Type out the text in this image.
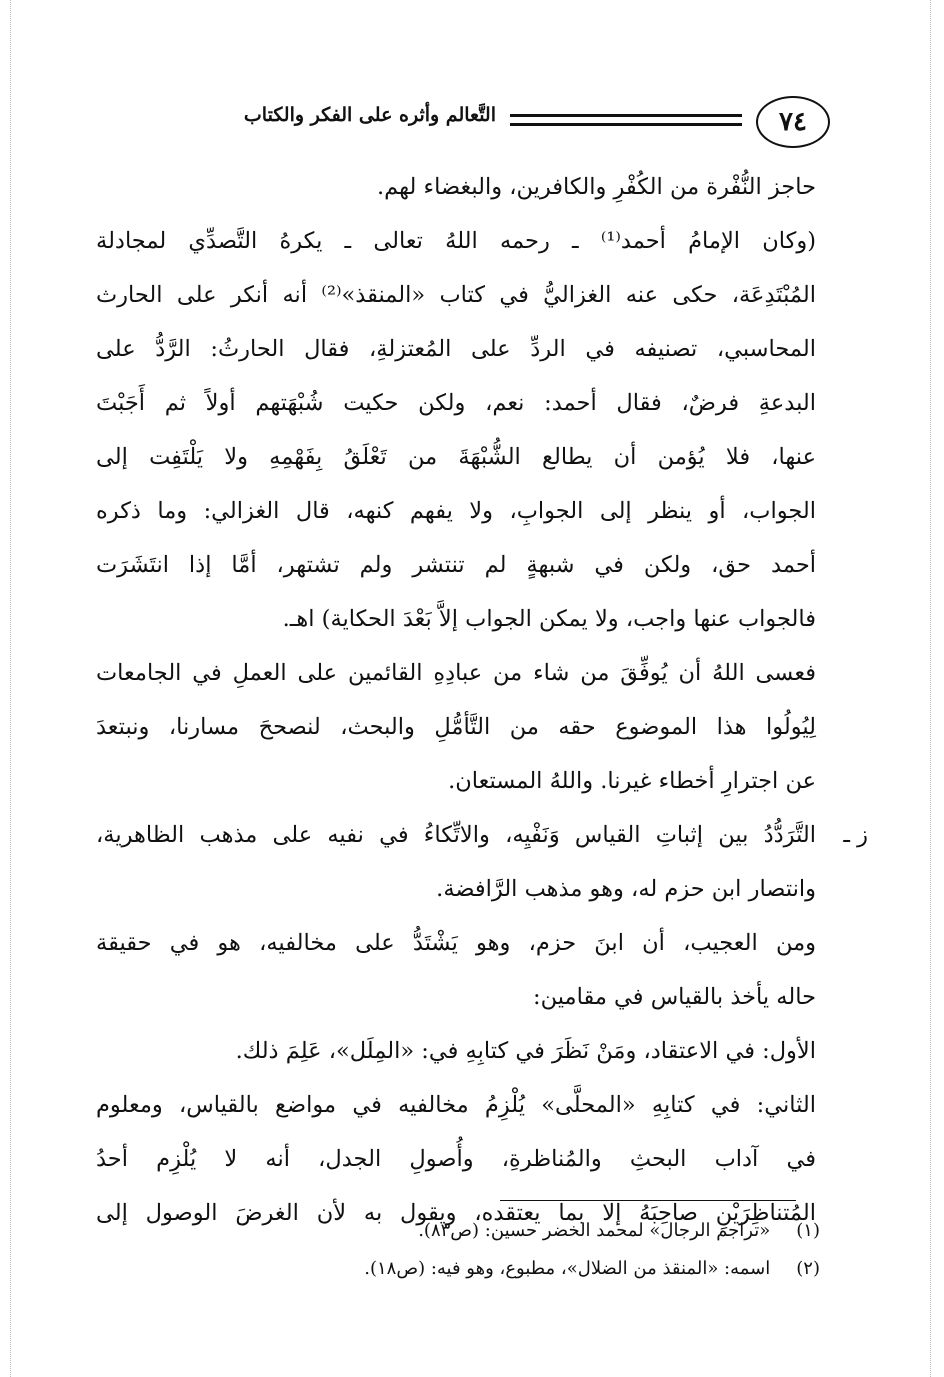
٧٤
التَّعالم وأثره على الفكر والكتاب
حاجز النُّفْرة من الكُفْرِ والكافرين، والبغضاء لهم.
(وكان الإمامُ أحمد⁽¹⁾ ـ رحمه اللهُ تعالى ـ يكرهُ التَّصدِّي لمجادلة
المُبْتَدِعَة، حكى عنه الغزاليُّ في كتاب «المنقذ»⁽²⁾ أنه أنكر على الحارث
المحاسبي، تصنيفه في الردِّ على المُعتزلةِ، فقال الحارثُ: الرَّدُّ على
البدعةِ فرضٌ، فقال أحمد: نعم، ولكن حكيت شُبْهَتهم أولاً ثم أَجَبْتَ
عنها، فلا يُؤمن أن يطالع الشُّبْهَةَ من تَعْلَقُ بِفَهْمِهِ ولا يَلْتَفِت إلى
الجواب، أو ينظر إلى الجوابِ، ولا يفهم كنهه، قال الغزالي: وما ذكره
أحمد حق، ولكن في شبهةٍ لم تنتشر ولم تشتهر، أمَّا إذا انتَشَرَت
فالجواب عنها واجب، ولا يمكن الجواب إلاَّ بَعْدَ الحكاية) اهـ.
فعسى اللهُ أن يُوفِّقَ من شاء من عبادِهِ القائمين على العملِ في الجامعات
لِيُولُوا هذا الموضوع حقه من التَّأمُّلِ والبحث، لنصححَ مسارنا، ونبتعدَ
عن اجترارِ أخطاء غيرنا. واللهُ المستعان.
ز ـ
التَّرَدُّدُ بين إثباتِ القياس وَنَفْيِه، والاتِّكاءُ في نفيه على مذهب الظاهرية،
وانتصار ابن حزم له، وهو مذهب الرَّافضة.
ومن العجيب، أن ابنَ حزم، وهو يَشْتَدُّ على مخالفيه، هو في حقيقة
حاله يأخذ بالقياس في مقامين:
الأول: في الاعتقاد، ومَنْ نَظَرَ في كتابِهِ في: «المِلَل»، عَلِمَ ذلك.
الثاني: في كتابِهِ «المحلَّى» يُلْزِمُ مخالفيه في مواضع بالقياس، ومعلوم
في آداب البحثِ والمُناظرةِ، وأُصولِ الجدل، أنه لا يُلْزِم أحدُ
المُتناظِرَيْنِ صاحِبَهُ إلا بما يعتقده، ويقول به لأن الغرضَ الوصول إلى
(١) «تراجم الرجال» لمحمد الخضر حسين: (ص٨٣).
(٢) اسمه: «المنقذ من الضلال»، مطبوع، وهو فيه: (ص١٨).
